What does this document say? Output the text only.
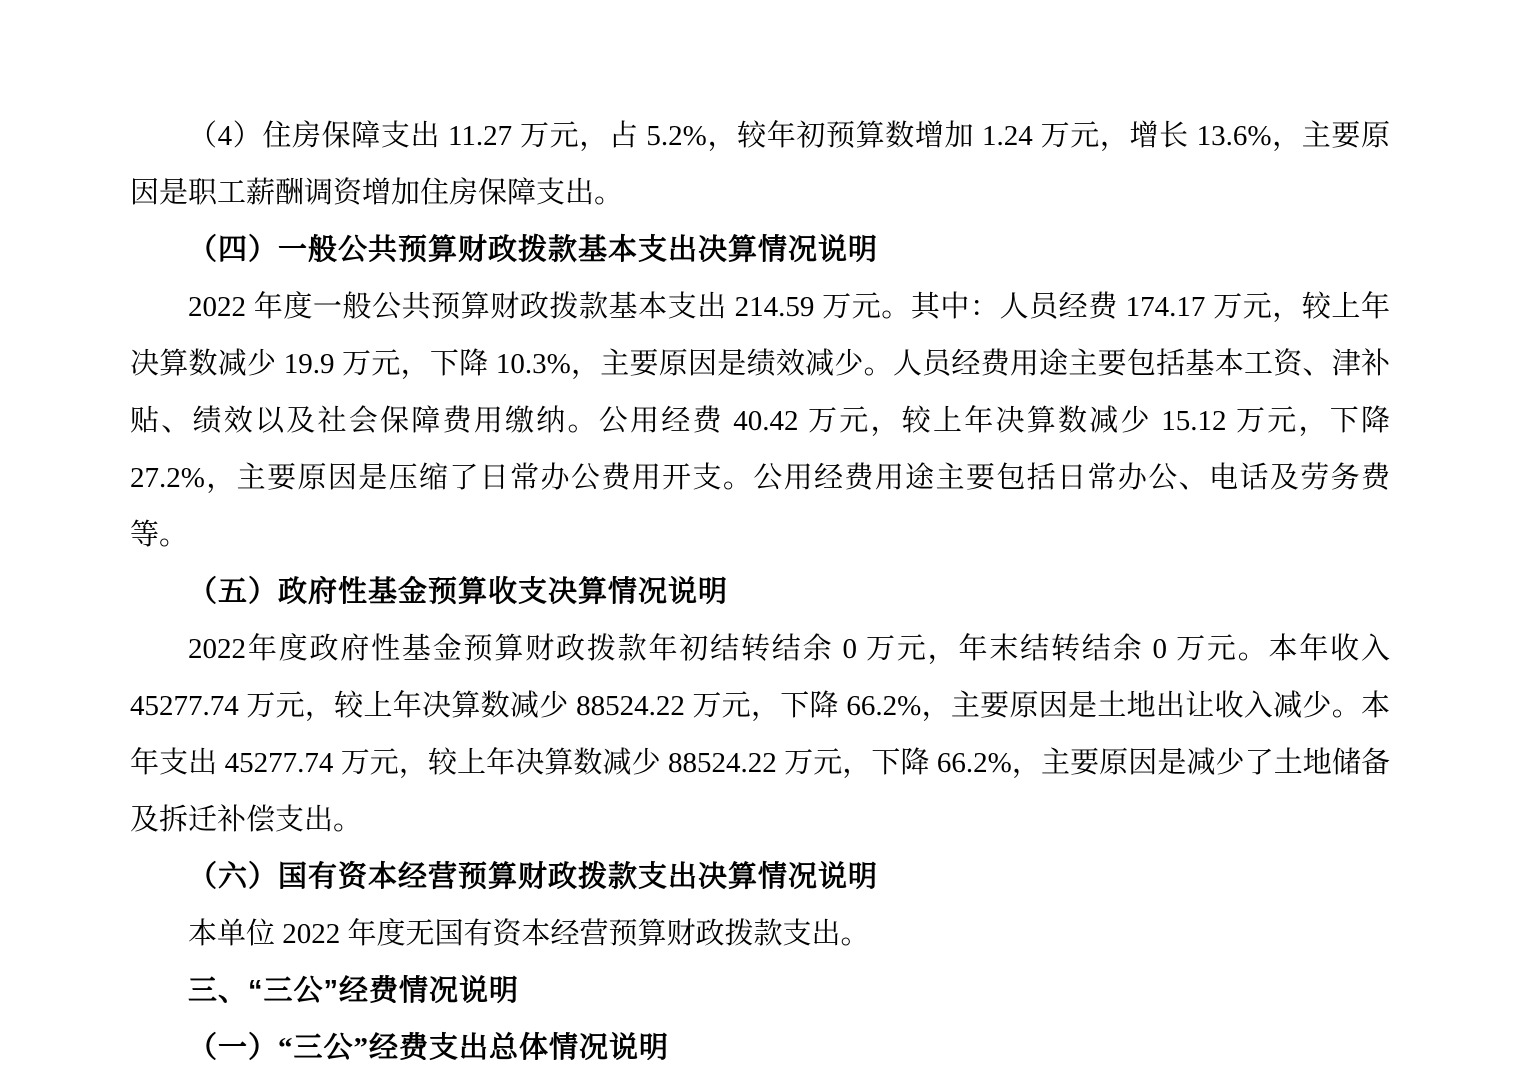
（4）住房保障支出 11.27 万元，占 5.2%，较年初预算数增加 1.24 万元，增长 13.6%，主要原因是职工薪酬调资增加住房保障支出。

（四）一般公共预算财政拨款基本支出决算情况说明

2022 年度一般公共预算财政拨款基本支出 214.59 万元。其中：人员经费 174.17 万元，较上年决算数减少 19.9 万元，下降 10.3%，主要原因是绩效减少。人员经费用途主要包括基本工资、津补贴、绩效以及社会保障费用缴纳。公用经费 40.42 万元，较上年决算数减少 15.12 万元，下降 27.2%，主要原因是压缩了日常办公费用开支。公用经费用途主要包括日常办公、电话及劳务费等。

（五）政府性基金预算收支决算情况说明

2022年度政府性基金预算财政拨款年初结转结余 0 万元，年末结转结余 0 万元。本年收入 45277.74 万元，较上年决算数减少 88524.22 万元，下降 66.2%，主要原因是土地出让收入减少。本年支出 45277.74 万元，较上年决算数减少 88524.22 万元，下降 66.2%，主要原因是减少了土地储备及拆迁补偿支出。

（六）国有资本经营预算财政拨款支出决算情况说明

本单位 2022 年度无国有资本经营预算财政拨款支出。

三、“三公”经费情况说明

（一）“三公”经费支出总体情况说明
